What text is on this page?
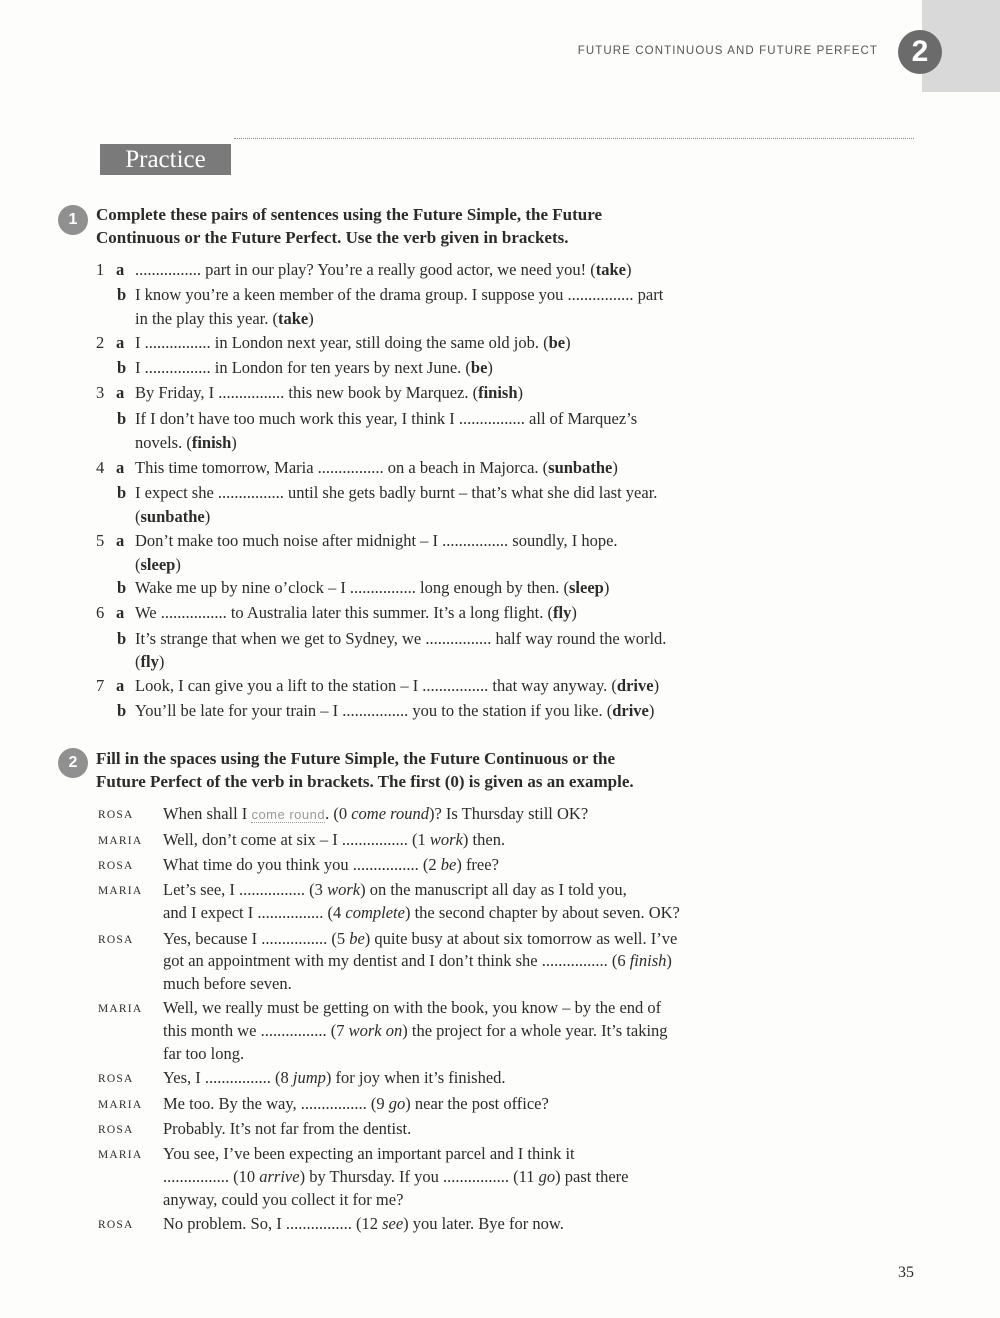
FUTURE CONTINUOUS AND FUTURE PERFECT	2
Practice
1	Complete these pairs of sentences using the Future Simple, the Future
Continuous or the Future Perfect. Use the verb given in brackets.

1 a ................ part in our play? You’re a really good actor, we need you! (take)
b I know you’re a keen member of the drama group. I suppose you ................ part
in the play this year. (take)
2 a I ................ in London next year, still doing the same old job. (be)
b I ................ in London for ten years by next June. (be)
3 a By Friday, I ................ this new book by Marquez. (finish)
b If I don’t have too much work this year, I think I ................ all of Marquez’s
novels. (finish)
4 a This time tomorrow, Maria ................ on a beach in Majorca. (sunbathe)
b I expect she ................ until she gets badly burnt – that’s what she did last year.
(sunbathe)
5 a Don’t make too much noise after midnight – I ................ soundly, I hope.
(sleep)
b Wake me up by nine o’clock – I ................ long enough by then. (sleep)
6 a We ................ to Australia later this summer. It’s a long flight. (fly)
b It’s strange that when we get to Sydney, we ................ half way round the world.
(fly)
7 a Look, I can give you a lift to the station – I ................ that way anyway. (drive)
b You’ll be late for your train – I ................ you to the station if you like. (drive)
2	Fill in the spaces using the Future Simple, the Future Continuous or the
Future Perfect of the verb in brackets. The first (0) is given as an example.

ROSA When shall I come round. (0 come round)? Is Thursday still OK?
MARIA Well, don’t come at six – I ................ (1 work) then.
ROSA What time do you think you ................ (2 be) free?
MARIA Let’s see, I ................ (3 work) on the manuscript all day as I told you,
and I expect I ................ (4 complete) the second chapter by about seven. OK?
ROSA Yes, because I ................ (5 be) quite busy at about six tomorrow as well. I’ve
got an appointment with my dentist and I don’t think she ................ (6 finish)
much before seven.
MARIA Well, we really must be getting on with the book, you know – by the end of
this month we ................ (7 work on) the project for a whole year. It’s taking
far too long.
ROSA Yes, I ................ (8 jump) for joy when it’s finished.
MARIA Me too. By the way, ................ (9 go) near the post office?
ROSA Probably. It’s not far from the dentist.
MARIA You see, I’ve been expecting an important parcel and I think it
................ (10 arrive) by Thursday. If you ................ (11 go) past there
anyway, could you collect it for me?
ROSA No problem. So, I ................ (12 see) you later. Bye for now.
35
